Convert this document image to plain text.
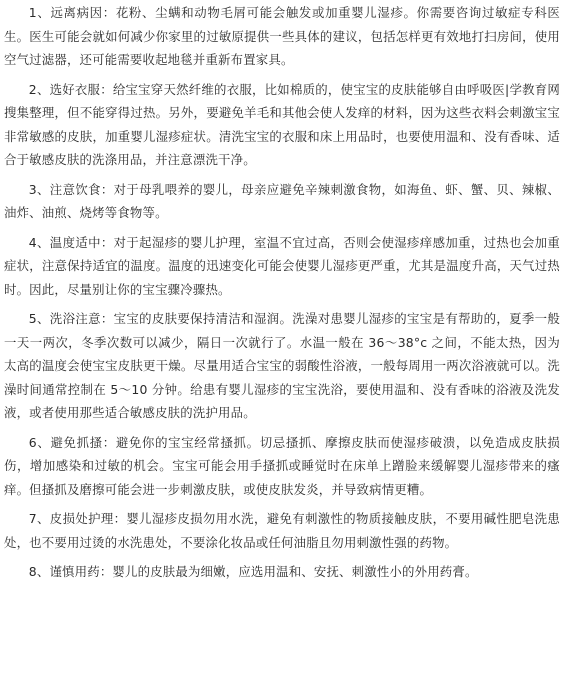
1、远离病因：花粉、尘螨和动物毛屑可能会触发或加重婴儿湿疹。你需要咨询过敏症专科医生。医生可能会就如何减少你家里的过敏原提供一些具体的建议，包括怎样更有效地打扫房间，使用空气过滤器，还可能需要收起地毯并重新布置家具。

2、选好衣服：给宝宝穿天然纤维的衣服，比如棉质的，使宝宝的皮肤能够自由呼吸医|学教育网搜集整理，但不能穿得过热。另外，要避免羊毛和其他会使人发痒的材料，因为这些衣料会刺激宝宝非常敏感的皮肤，加重婴儿湿疹症状。清洗宝宝的衣服和床上用品时，也要使用温和、没有香味、适合于敏感皮肤的洗涤用品，并注意漂洗干净。

3、注意饮食：对于母乳喂养的婴儿，母亲应避免辛辣刺激食物，如海鱼、虾、蟹、贝、辣椒、油炸、油煎、烧烤等食物等。

4、温度适中：对于起湿疹的婴儿护理，室温不宜过高，否则会使湿疹痒感加重，过热也会加重症状，注意保持适宜的温度。温度的迅速变化可能会使婴儿湿疹更严重，尤其是温度升高，天气过热时。因此，尽量别让你的宝宝骤冷骤热。

5、洗浴注意：宝宝的皮肤要保持清洁和湿润。洗澡对患婴儿湿疹的宝宝是有帮助的，夏季一般一天一两次，冬季次数可以减少，隔日一次就行了。水温一般在 36～38°c 之间，不能太热，因为太高的温度会使宝宝皮肤更干燥。尽量用适合宝宝的弱酸性浴液，一般每周用一两次浴液就可以。洗澡时间通常控制在 5～10 分钟。给患有婴儿湿疹的宝宝洗浴，要使用温和、没有香味的浴液及洗发液，或者使用那些适合敏感皮肤的洗护用品。

6、避免抓搔：避免你的宝宝经常搔抓。切忌搔抓、摩擦皮肤而使湿疹破溃，以免造成皮肤损伤，增加感染和过敏的机会。宝宝可能会用手搔抓或睡觉时在床单上蹭脸来缓解婴儿湿疹带来的瘙痒。但搔抓及磨擦可能会进一步刺激皮肤，或使皮肤发炎，并导致病情更糟。

7、皮损处护理：婴儿湿疹皮损勿用水洗，避免有刺激性的物质接触皮肤，不要用碱性肥皂洗患处，也不要用过烫的水洗患处，不要涂化妆品或任何油脂且勿用刺激性强的药物。

8、谨慎用药：婴儿的皮肤最为细嫩，应选用温和、安抚、刺激性小的外用药膏。
